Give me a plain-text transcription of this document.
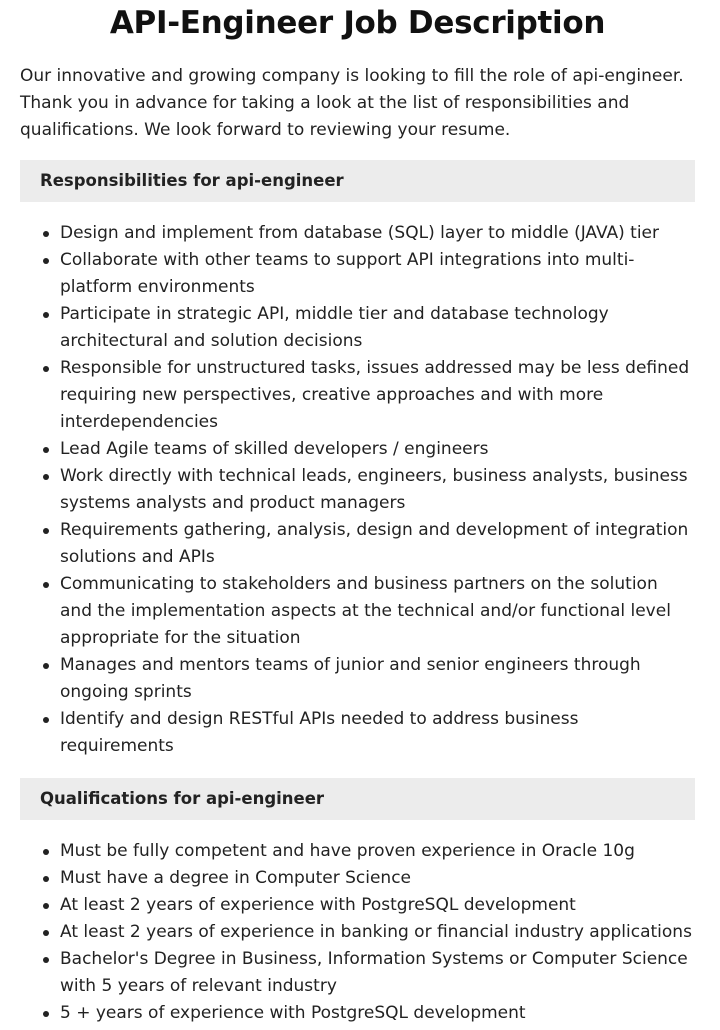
API-Engineer Job Description

Our innovative and growing company is looking to fill the role of api-engineer. Thank you in advance for taking a look at the list of responsibilities and qualifications. We look forward to reviewing your resume.

Responsibilities for api-engineer
Design and implement from database (SQL) layer to middle (JAVA) tier
Collaborate with other teams to support API integrations into multi-platform environments
Participate in strategic API, middle tier and database technology architectural and solution decisions
Responsible for unstructured tasks, issues addressed may be less defined requiring new perspectives, creative approaches and with more interdependencies
Lead Agile teams of skilled developers / engineers
Work directly with technical leads, engineers, business analysts, business systems analysts and product managers
Requirements gathering, analysis, design and development of integration solutions and APIs
Communicating to stakeholders and business partners on the solution and the implementation aspects at the technical and/or functional level appropriate for the situation
Manages and mentors teams of junior and senior engineers through ongoing sprints
Identify and design RESTful APIs needed to address business requirements
Qualifications for api-engineer
Must be fully competent and have proven experience in Oracle 10g
Must have a degree in Computer Science
At least 2 years of experience with PostgreSQL development
At least 2 years of experience in banking or financial industry applications
Bachelor's Degree in Business, Information Systems or Computer Science with 5 years of relevant industry
5 + years of experience with PostgreSQL development
